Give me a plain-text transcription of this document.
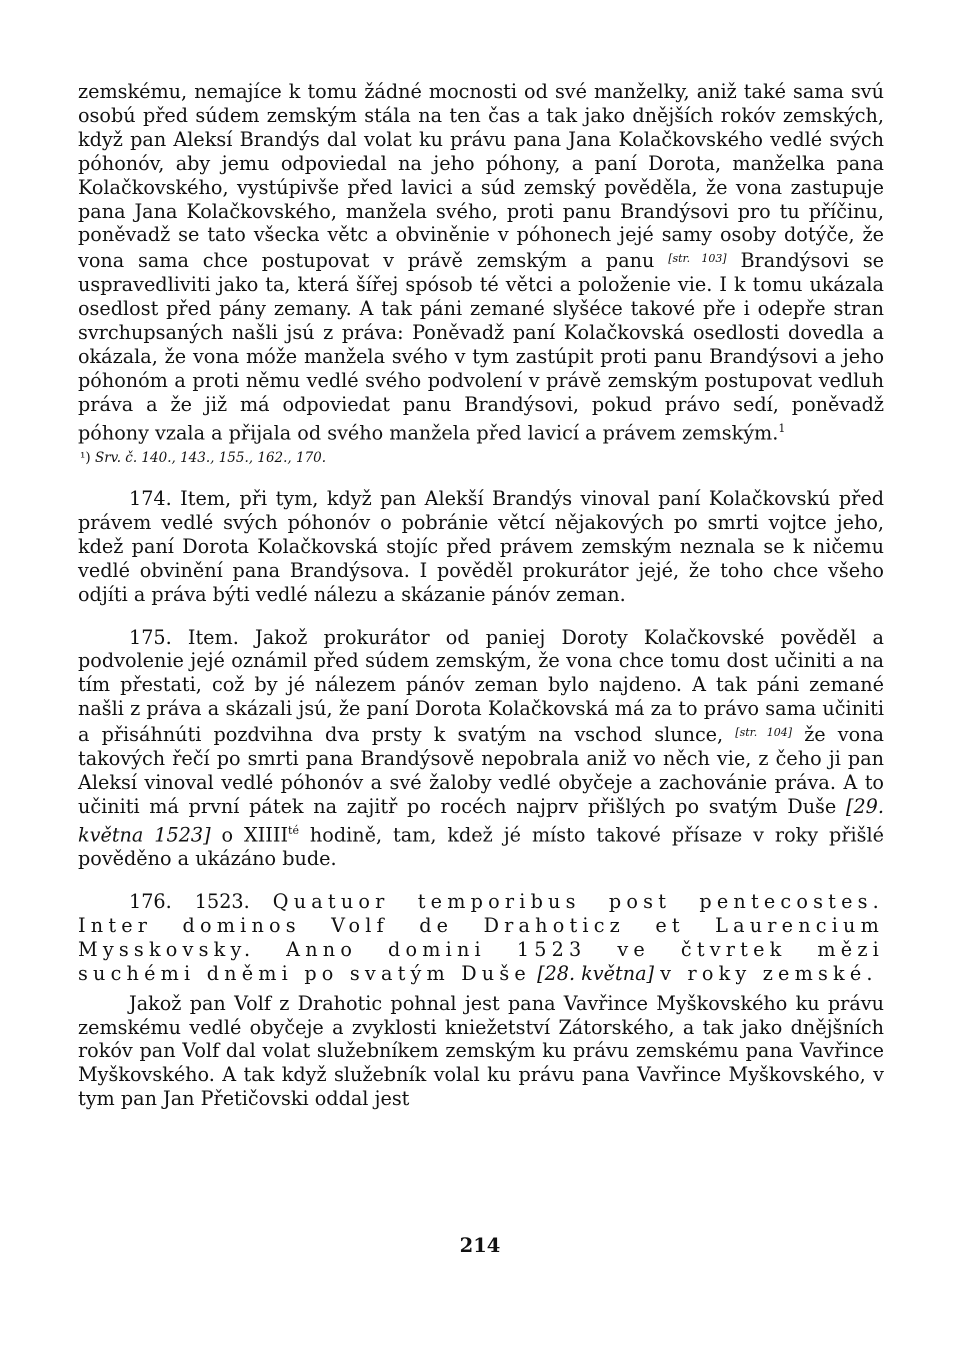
zemskému, nemajíce k tomu žádné mocnosti od své manželky, aniž také sama svú osobú před súdem zemským stála na ten čas a tak jako dnějších rokóv zemských, když pan Aleksí Brandýs dal volat ku právu pana Jana Kolačkovského vedlé svých póhonóv, aby jemu odpoviedal na jeho póhony, a paní Dorota, manželka pana Kolačkovského, vystúpivše před lavici a súd zemský pověděla, že vona zastupuje pana Jana Kolačkovského, manžela svého, proti panu Brandýsovi pro tu příčinu, poněvadž se tato všecka větc a obviněnie v póhonech jejé samy osoby dotýče, že vona sama chce postupovat v právě zemským a panu [str. 103] Brandýsovi se uspravedliviti jako ta, která šířej spósob té větci a položenie vie. I k tomu ukázala osedlost před pány zemany. A tak páni zemané slyšéce takové pře i odepře stran svrchupsaných našli jsú z práva: Poněvadž paní Kolačkovská osedlosti dovedla a okázala, že vona móže manžela svého v tym zastúpit proti panu Brandýsovi a jeho póhonóm a proti němu vedlé svého podvolení v právě zemským postupovat vedluh práva a že již má odpoviedat panu Brandýsovi, pokud právo sedí, poněvadž póhony vzala a přijala od svého manžela před lavicí a právem zemským.$^1$

¹) Srv. č. 140., 143., 155., 162., 170.

174. Item, při tym, když pan Alekší Brandýs vinoval paní Kolačkovskú před právem vedlé svých póhonóv o pobránie větcí nějakových po smrti vojtce jeho, kdež paní Dorota Kolačkovská stojíc před právem zemským neznala se k ničemu vedlé obvinění pana Brandýsova. I pověděl prokurátor jejé, že toho chce všeho odjíti a práva býti vedlé nálezu a skázanie pánóv zeman.

175. Item. Jakož prokurátor od paniej Doroty Kolačkovské pověděl a podvolenie jejé oznámil před súdem zemským, že vona chce tomu dost učiniti a na tím přestati, což by jé nálezem pánóv zeman bylo najdeno. A tak páni zemané našli z práva a skázali jsú, že paní Dorota Kolačkovská má za to právo sama učiniti a přisáhnúti pozdvihna dva prsty k svatým na vschod slunce, [str. 104] že vona takových řečí po smrti pana Brandýsově nepobrala aniž vo něch vie, z čeho ji pan Aleksí vinoval vedlé póhonóv a své žaloby vedlé obyčeje a zachovánie práva. A to učiniti má první pátek na zajitř po rocéch najprv přišlých po svatým Duše [29. května 1523] o $XIIII^{té}$ hodině, tam, kdež jé místo takové přísaze v roky přišlé pověděno a ukázáno bude.

176. 1523. Quatuor temporibus post pentecostes. Inter dominos Volf de Drahoticz et Laurencium Mysskovsky. Anno domini 1523 ve čtvrtek mězi suchémi dněmi po svatým Duše [28. května] v roky zemské.

Jakož pan Volf z Drahotic pohnal jest pana Vavřince Myškovského ku právu zemskému vedlé obyčeje a zvyklosti kniežetství Zátorského, a tak jako dnějšních rokóv pan Volf dal volat služebníkem zemským ku právu zemskému pana Vavřince Myškovského. A tak když služebník volal ku právu pana Vavřince Myškovského, v tym pan Jan Přetičovski oddal jest

214
